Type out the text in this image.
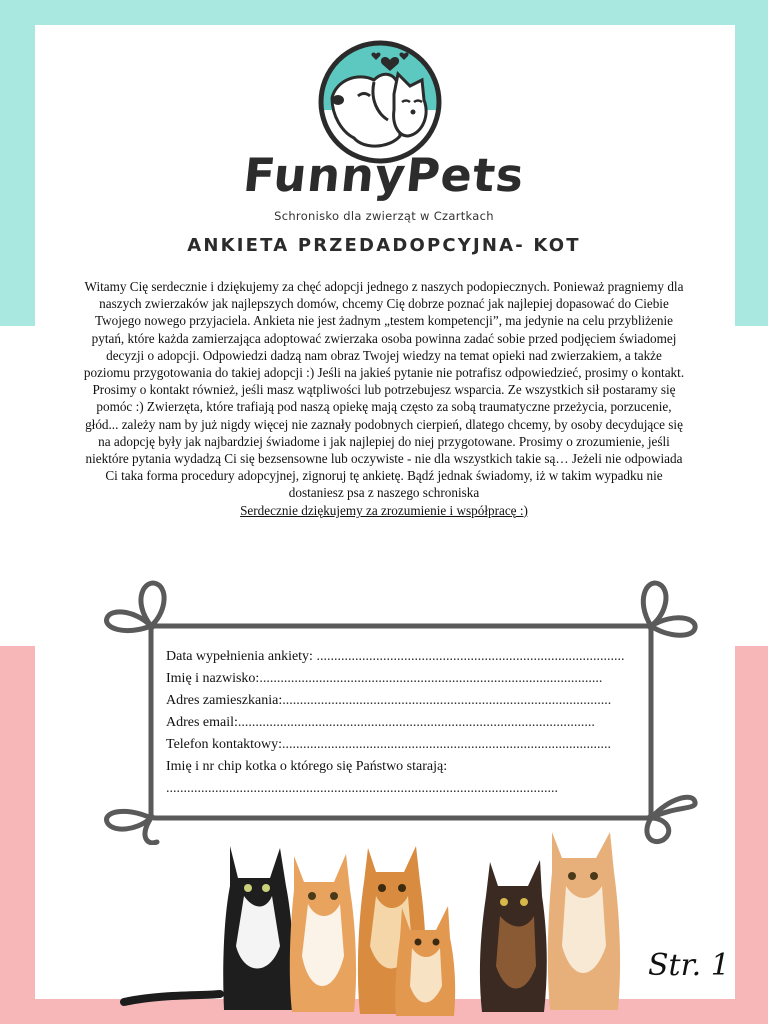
FunnyPets
Schronisko dla zwierząt w Czartkach
ANKIETA PRZEDADOPCYJNA- KOT

Witamy Cię serdecznie i dziękujemy za chęć adopcji jednego z naszych podopiecznych. Ponieważ pragniemy dla naszych zwierzaków jak najlepszych domów, chcemy Cię dobrze poznać jak najlepiej dopasować do Ciebie Twojego nowego przyjaciela. Ankieta nie jest żadnym „testem kompetencji”, ma jedynie na celu przybliżenie pytań, które każda zamierzająca adoptować zwierzaka osoba powinna zadać sobie przed podjęciem świadomej decyzji o adopcji. Odpowiedzi dadzą nam obraz Twojej wiedzy na temat opieki nad zwierzakiem, a także poziomu przygotowania do takiej adopcji :) Jeśli na jakieś pytanie nie potrafisz odpowiedzieć, prosimy o kontakt. Prosimy o kontakt również, jeśli masz wątpliwości lub potrzebujesz wsparcia. Ze wszystkich sił postaramy się pomóc :) Zwierzęta, które trafiają pod naszą opiekę mają często za sobą traumatyczne przeżycia, porzucenie, głód... zależy nam by już nigdy więcej nie zaznały podobnych cierpień, dlatego chcemy, by osoby decydujące się na adopcję były jak najbardziej świadome i jak najlepiej do niej przygotowane. Prosimy o zrozumienie, jeśli niektóre pytania wydadzą Ci się bezsensowne lub oczywiste - nie dla wszystkich takie są… Jeżeli nie odpowiada Ci taka forma procedury adopcyjnej, zignoruj tę ankietę. Bądź jednak świadomy, iż w takim wypadku nie dostaniesz psa z naszego schroniska

Serdecznie dziękujemy za zrozumienie i współpracę :)

Data wypełnienia ankiety: ........................................................................................
Imię i nazwisko:..................................................................................................
Adres zamieszkania:..............................................................................................
Adres email:......................................................................................................
Telefon kontaktowy:..............................................................................................
Imię i nr chip kotka o którego się Państwo starają:
................................................................................................................
Str. 1
